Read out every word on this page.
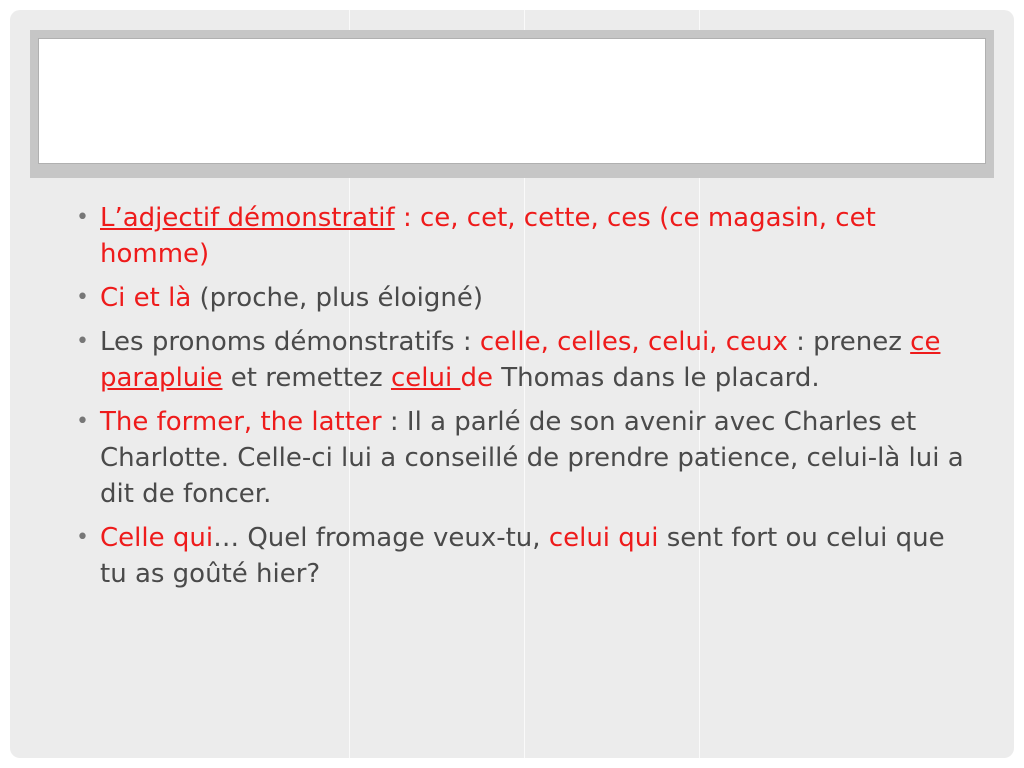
• L’adjectif démonstratif : ce, cet, cette, ces (ce magasin, cet homme)
• Ci et là (proche, plus éloigné)
• Les pronoms démonstratifs : celle, celles, celui, ceux : prenez ce parapluie et remettez celui de Thomas dans le placard.
• The former, the latter : Il a parlé de son avenir avec Charles et Charlotte. Celle-ci lui a conseillé de prendre patience, celui-là lui a dit de foncer.
• Celle qui… Quel fromage veux-tu, celui qui sent fort ou celui que tu as goûté hier?
